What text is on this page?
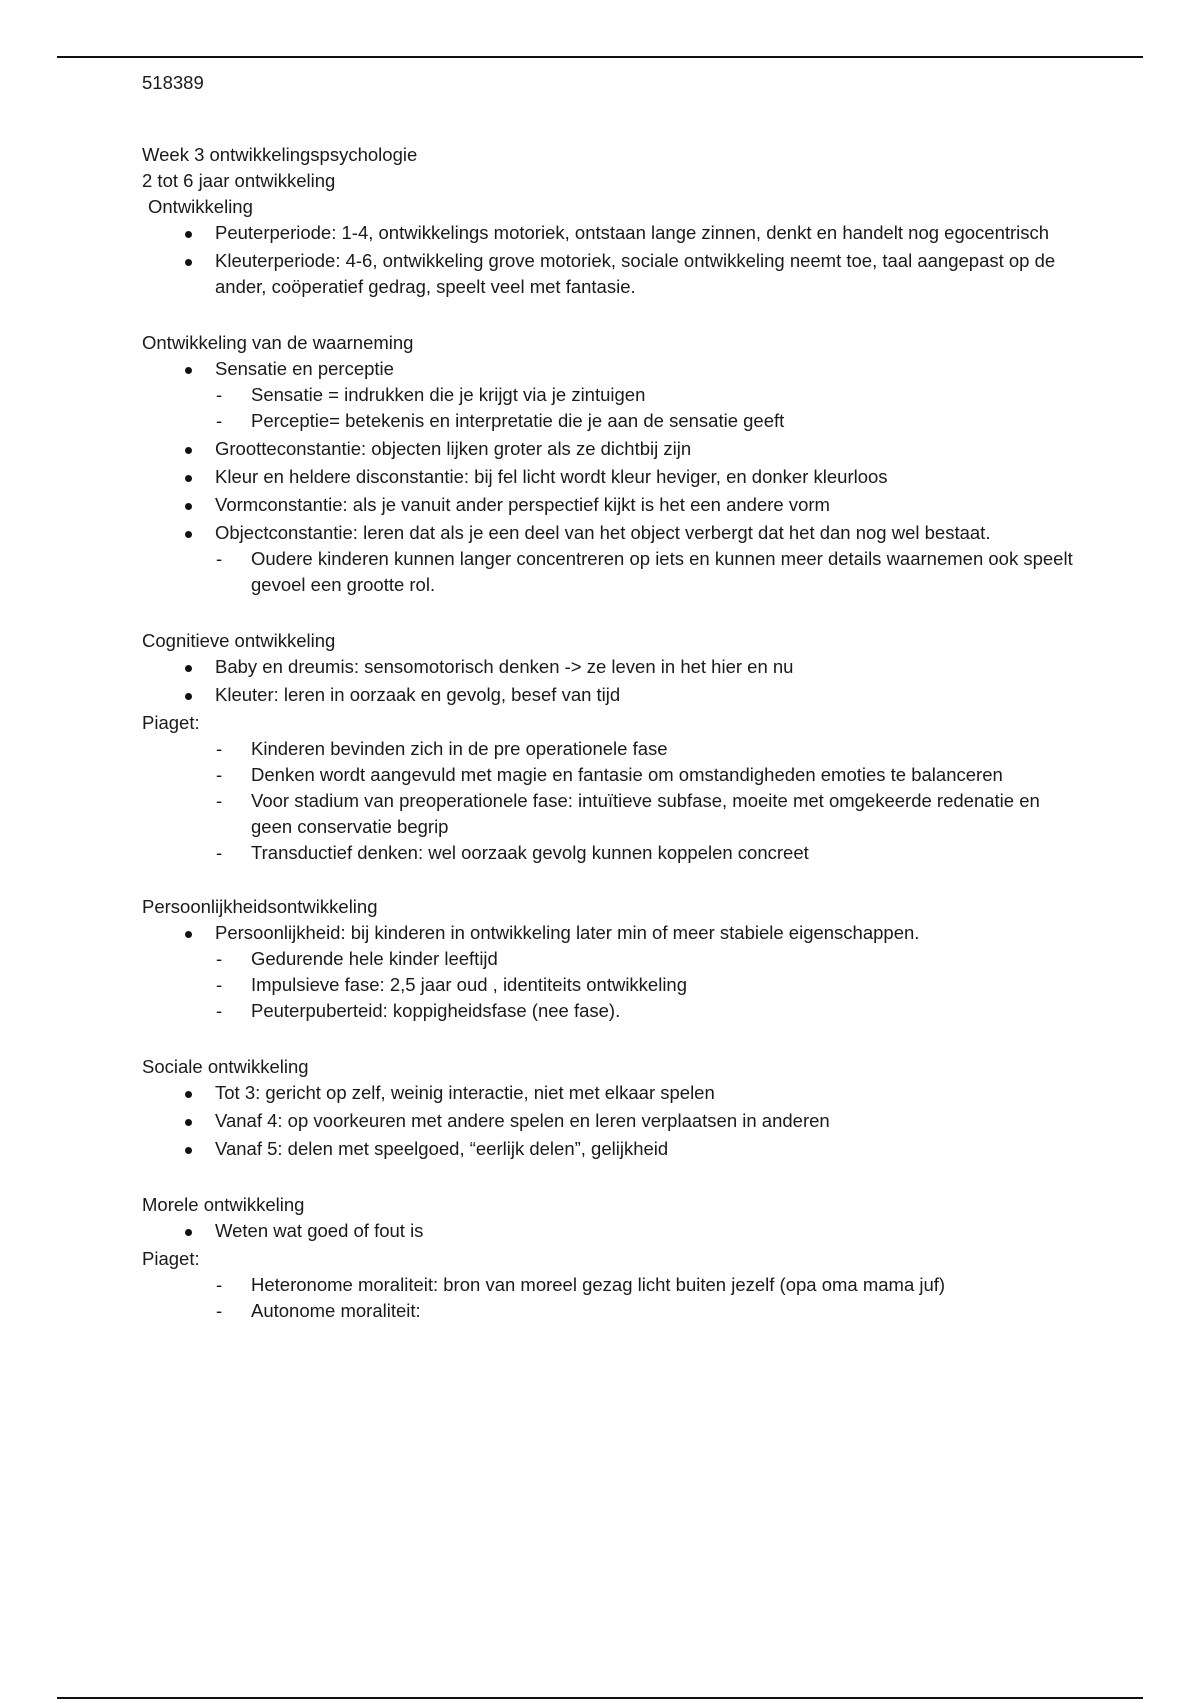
518389
Week 3 ontwikkelingspsychologie
2 tot 6 jaar ontwikkeling
Ontwikkeling
Peuterperiode: 1-4, ontwikkelings motoriek, ontstaan lange zinnen, denkt en handelt nog egocentrisch
Kleuterperiode: 4-6, ontwikkeling grove motoriek, sociale ontwikkeling neemt toe, taal aangepast op de ander, coöperatief gedrag, speelt veel met fantasie.
Ontwikkeling van de waarneming
Sensatie en perceptie
- Sensatie = indrukken die je krijgt via je zintuigen
- Perceptie= betekenis en interpretatie die je aan de sensatie geeft
Grootteconstantie: objecten lijken groter als ze dichtbij zijn
Kleur en heldere disconstantie: bij fel licht wordt kleur heviger, en donker kleurloos
Vormconstantie: als je vanuit ander perspectief kijkt is het een andere vorm
Objectconstantie: leren dat als je een deel van het object verbergt dat het dan nog wel bestaat.
- Oudere kinderen kunnen langer concentreren op iets en kunnen meer details waarnemen ook speelt gevoel een grootte rol.
Cognitieve ontwikkeling
Baby en dreumis: sensomotorisch denken -> ze leven in het hier en nu
Kleuter: leren in oorzaak en gevolg, besef van tijd
Piaget:
- Kinderen bevinden zich in de pre operationele fase
- Denken wordt aangevuld met magie en fantasie om omstandigheden emoties te balanceren
- Voor stadium van preoperationele fase: intuïtieve subfase, moeite met omgekeerde redenatie en geen conservatie begrip
- Transductief denken: wel oorzaak gevolg kunnen koppelen concreet
Persoonlijkheidsontwikkeling
Persoonlijkheid: bij kinderen in ontwikkeling later min of meer stabiele eigenschappen.
- Gedurende hele kinder leeftijd
- Impulsieve fase: 2,5 jaar oud , identiteits ontwikkeling
- Peuterpuberteid: koppigheidsfase (nee fase).
Sociale ontwikkeling
Tot 3: gericht op zelf, weinig interactie, niet met elkaar spelen
Vanaf 4: op voorkeuren met andere spelen en leren verplaatsen in anderen
Vanaf 5: delen met speelgoed, “eerlijk delen”, gelijkheid
Morele ontwikkeling
Weten wat goed of fout is
Piaget:
- Heteronome moraliteit: bron van moreel gezag licht buiten jezelf (opa oma mama juf)
- Autonome moraliteit:
